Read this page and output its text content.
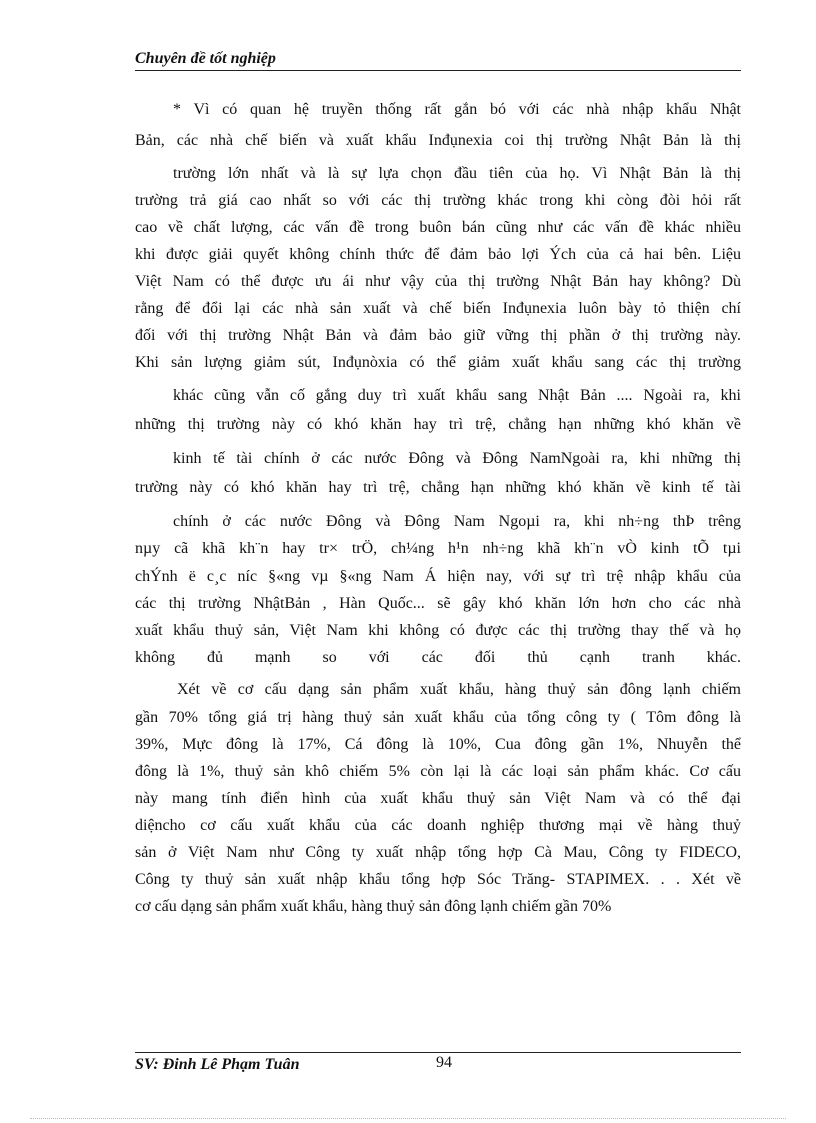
Chuyên đề tốt nghiệp
* Vì có quan hệ truyền thống rất gắn bó với các nhà nhập khẩu Nhật
Bản, các nhà chế biến và xuất khẩu Inđụnexia coi thị trường Nhật Bản là thị
trường lớn nhất và là sự lựa chọn đầu tiên của họ. Vì Nhật Bản là thị
trường trả giá cao nhất so với các thị trường khác trong khi còng đòi hỏi rất
cao về chất lượng, các vấn đề trong buôn bán cũng như các vấn đề khác nhiều
khi được giải quyết không chính thức để đảm bảo lợi Ých của cả hai bên. Liệu
Việt Nam có thể được ưu ái như vậy của thị trường Nhật Bản hay không? Dù
rằng để đổi lại các nhà sản xuất và chế biến Inđụnexia luôn bày tỏ thiện chí
đối với thị trường Nhật Bản và đảm bảo giữ vững thị phần ở thị trường này.
Khi sản lượng giảm sút, Inđụnòxia có thể giảm xuất khẩu sang các thị trường
khác cũng vẫn cố gắng duy trì xuất khẩu sang Nhật Bản .... Ngoài ra, khi
những thị trường này có khó khăn hay trì trệ, chẳng hạn những khó khăn về
kinh tế tài chính ở các nước Đông và Đông NamNgoài ra, khi những thị
trường này có khó khăn hay trì trệ, chẳng hạn những khó khăn về kinh tế tài
chính ở các nước Đông và Đông Nam Ngoµi ra, khi nh÷ng thÞ trêng
nµy cã khã kh¨n hay tr× trÖ, ch¼ng h¹n nh÷ng khã kh¨n vÒ kinh tÕ tµi
chÝnh ë c¸c níc §«ng vµ §«ng Nam Á hiện nay, với sự trì trệ nhập khẩu của
các thị trường NhậtBản , Hàn Quốc... sẽ gây khó khăn lớn hơn cho các nhà
xuất khẩu thuỷ sản, Việt Nam khi không có được các thị trường thay thế và họ
không đủ mạnh so với các đối thủ cạnh tranh khác.
Xét về cơ cấu dạng sản phẩm xuất khẩu, hàng thuỷ sản đông lạnh chiếm
gần 70% tổng giá trị hàng thuỷ sản xuất khẩu của tổng công ty ( Tôm đông là
39%, Mực đông là 17%, Cá đông là 10%, Cua đông gần 1%, Nhuyễn thể
đông là 1%, thuỷ sản khô chiếm 5% còn lại là các loại sản phẩm khác. Cơ cấu
này mang tính điển hình của xuất khẩu thuỷ sản Việt Nam và có thể đại
diệncho cơ cấu xuất khẩu của các doanh nghiệp thương mại về hàng thuỷ
sản ở Việt Nam như Công ty xuất nhập tổng hợp Cà Mau, Công ty FIDECO,
Công ty thuỷ sản xuất nhập khẩu tổng hợp Sóc Trăng- STAPIMEX. . . Xét về
cơ cấu dạng sản phẩm xuất khẩu, hàng thuỷ sản đông lạnh chiếm gần 70%
SV: Đinh Lê Phạm Tuân	94
